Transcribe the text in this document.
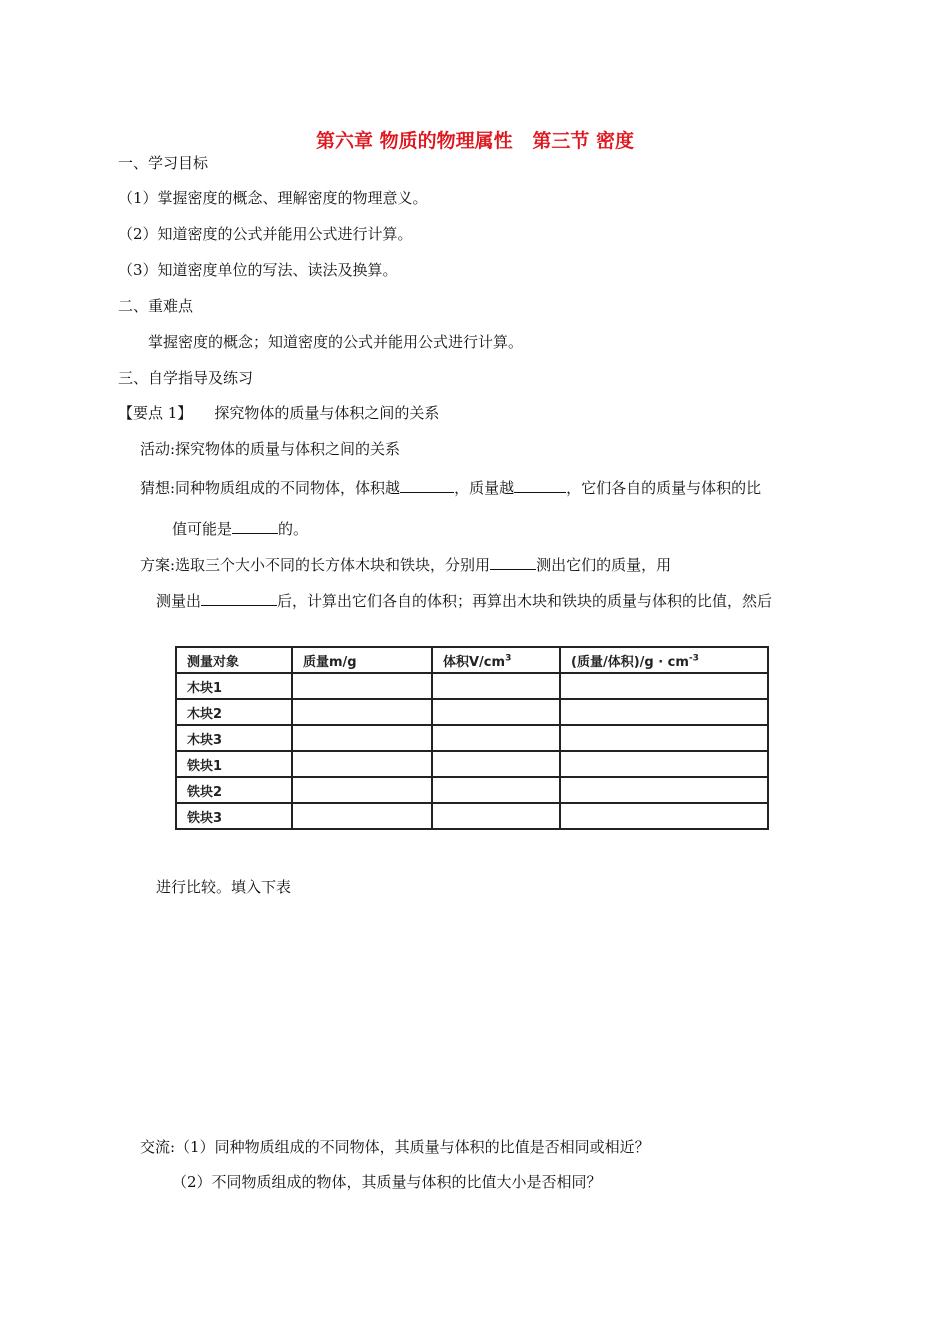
第六章 物质的物理属性   第三节 密度
一、学习目标
（1）掌握密度的概念、理解密度的物理意义。
（2）知道密度的公式并能用公式进行计算。
（3）知道密度单位的写法、读法及换算。
二、重难点
掌握密度的概念；知道密度的公式并能用公式进行计算。
三、自学指导及练习
【要点 1】 探究物体的质量与体积之间的关系
活动:探究物体的质量与体积之间的关系
猜想:同种物质组成的不同物体，体积越	，质量越	，它们各自的质量与体积的比
值可能是	的。
方案:选取三个大小不同的长方体木块和铁块，分别用	测出它们的质量，用
测量出	后，计算出它们各自的体积；再算出木块和铁块的质量与体积的比值，然后
测量对象	质量m/g	体积$V/cm^3$	(质量/体积)$/g \cdot cm^{-3}$
木块1			
木块2			
木块3			
铁块1			
铁块2			
铁块3			
进行比较。填入下表
交流:（1）同种物质组成的不同物体，其质量与体积的比值是否相同或相近？
（2）不同物质组成的物体，其质量与体积的比值大小是否相同？
